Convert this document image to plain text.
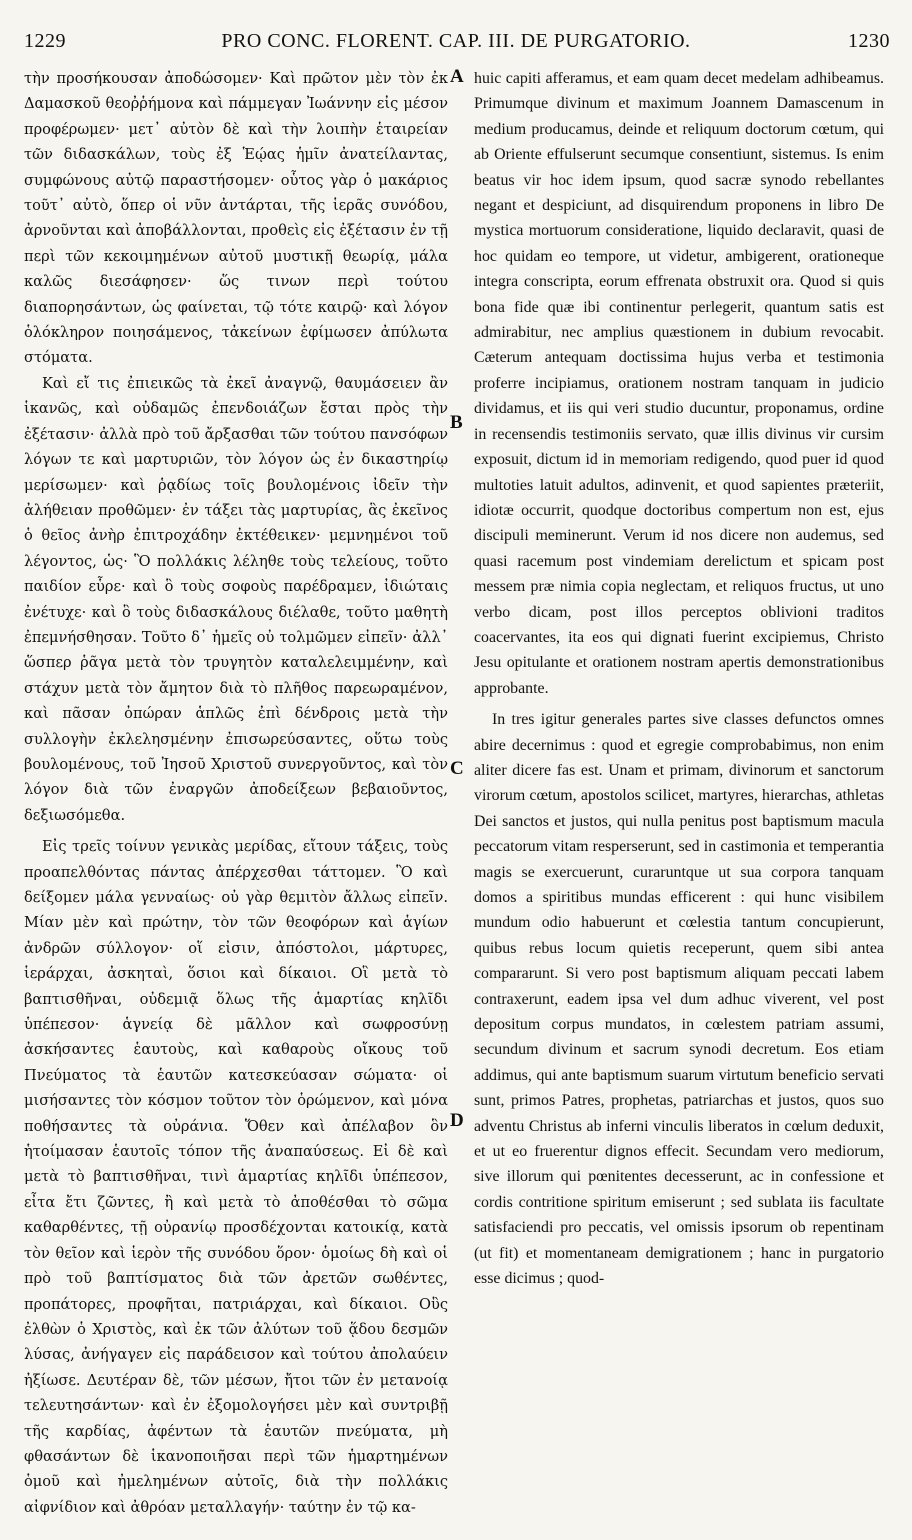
1229	PRO CONC. FLORENT. CAP. III. DE PURGATORIO.	1230

τὴν προσήκουσαν ἀποδώσομεν· Καὶ πρῶτον μὲν τὸν ἐκ Δαμασκοῦ θεοῤῥήμονα καὶ πάμμεγαν Ἰωάννην εἰς μέσον προφέρωμεν· μετ᾽ αὐτὸν δὲ καὶ τὴν λοιπὴν ἑταιρείαν τῶν διδασκάλων, τοὺς ἐξ Ἑῴας ἡμῖν ἀνατείλαντας, συμφώνους αὐτῷ παραστήσομεν· οὗτος γὰρ ὁ μακάριος τοῦτ᾽ αὐτὸ, ὅπερ οἱ νῦν ἀντάρται, τῆς ἱερᾶς συνόδου, ἀρνοῦνται καὶ ἀποβάλλονται, προθεὶς εἰς ἐξέτασιν ἐν τῇ περὶ τῶν κεκοιμημένων αὐτοῦ μυστικῇ θεωρίᾳ, μάλα καλῶς διεσάφησεν· ὥς τινων περὶ τούτου διαπορησάντων, ὡς φαίνεται, τῷ τότε καιρῷ· καὶ λόγον ὁλόκληρον ποιησάμενος, τἀκείνων ἐφίμωσεν ἀπύλωτα στόματα.

Καὶ εἴ τις ἐπιεικῶς τὰ ἐκεῖ ἀναγνῷ, θαυμάσειεν ἂν ἱκανῶς, καὶ οὐδαμῶς ἐπενδοιάζων ἔσται πρὸς τὴν ἐξέτασιν· ἀλλὰ πρὸ τοῦ ἄρξασθαι τῶν τούτου πανσόφων λόγων τε καὶ μαρτυριῶν, τὸν λόγον ὡς ἐν δικαστηρίῳ μερίσωμεν· καὶ ῥᾳδίως τοῖς βουλομένοις ἰδεῖν τὴν ἀλήθειαν προθῶμεν· ἐν τάξει τὰς μαρτυρίας, ἃς ἐκεῖνος ὁ θεῖος ἀνὴρ ἐπιτροχάδην ἐκτέθεικεν· μεμνημένοι τοῦ λέγοντος, ὡς· Ὃ πολλάκις λέληθε τοὺς τελείους, τοῦτο παιδίον εὗρε· καὶ ὃ τοὺς σοφοὺς παρέδραμεν, ἰδιώταις ἐνέτυχε· καὶ ὃ τοὺς διδασκάλους διέλαθε, τοῦτο μαθητὴ ἐπεμνήσθησαν. Τοῦτο δ᾽ ἡμεῖς οὐ τολμῶμεν εἰπεῖν· ἀλλ᾽ ὥσπερ ῥᾶγα μετὰ τὸν τρυγητὸν καταλελειμμένην, καὶ στάχυν μετὰ τὸν ἄμητον διὰ τὸ πλῆθος παρεωραμένον, καὶ πᾶσαν ὀπώραν ἁπλῶς ἐπὶ δένδροις μετὰ τὴν συλλογὴν ἐκλελησμένην ἐπισωρεύσαντες, οὕτω τοὺς βουλομένους, τοῦ Ἰησοῦ Χριστοῦ συνεργοῦντος, καὶ τὸν λόγον διὰ τῶν ἐναργῶν ἀποδείξεων βεβαιοῦντος, δεξιωσόμεθα.

Εἰς τρεῖς τοίνυν γενικὰς μερίδας, εἴτουν τάξεις, τοὺς προαπελθόντας πάντας ἀπέρχεσθαι τάττομεν. Ὃ καὶ δείξομεν μάλα γενναίως· οὐ γὰρ θεμιτὸν ἄλλως εἰπεῖν. Μίαν μὲν καὶ πρώτην, τὸν τῶν θεοφόρων καὶ ἁγίων ἀνδρῶν σύλλογον· οἵ εἰσιν, ἀπόστολοι, μάρτυρες, ἱεράρχαι, ἀσκηταὶ, ὅσιοι καὶ δίκαιοι. Οἳ μετὰ τὸ βαπτισθῆναι, οὐδεμιᾷ ὅλως τῆς ἁμαρτίας κηλῖδι ὑπέπεσον· ἁγνείᾳ δὲ μᾶλλον καὶ σωφροσύνῃ ἀσκήσαντες ἑαυτοὺς, καὶ καθαροὺς οἴκους τοῦ Πνεύματος τὰ ἑαυτῶν κατεσκεύασαν σώματα· οἱ μισήσαντες τὸν κόσμον τοῦτον τὸν ὁρώμενον, καὶ μόνα ποθήσαντες τὰ οὐράνια. Ὅθεν καὶ ἀπέλαβον ὃν ἡτοίμασαν ἑαυτοῖς τόπον τῆς ἀναπαύσεως. Εἰ δὲ καὶ μετὰ τὸ βαπτισθῆναι, τινὶ ἁμαρτίας κηλῖδι ὑπέπεσον, εἶτα ἔτι ζῶντες, ἢ καὶ μετὰ τὸ ἀποθέσθαι τὸ σῶμα καθαρθέντες, τῇ οὐρανίῳ προσδέχονται κατοικίᾳ, κατὰ τὸν θεῖον καὶ ἱερὸν τῆς συνόδου ὅρον· ὁμοίως δὴ καὶ οἱ πρὸ τοῦ βαπτίσματος διὰ τῶν ἀρετῶν σωθέντες, προπάτορες, προφῆται, πατριάρχαι, καὶ δίκαιοι. Οὓς ἐλθὼν ὁ Χριστὸς, καὶ ἐκ τῶν ἀλύτων τοῦ ᾅδου δεσμῶν λύσας, ἀνήγαγεν εἰς παράδεισον καὶ τούτου ἀπολαύειν ἠξίωσε. Δευτέραν δὲ, τῶν μέσων, ἤτοι τῶν ἐν μετανοίᾳ τελευτησάντων· καὶ ἐν ἐξομολογήσει μὲν καὶ συντριβῇ τῆς καρδίας, ἀφέντων τὰ ἑαυτῶν πνεύματα, μὴ φθασάντων δὲ ἱκανοποιῆσαι περὶ τῶν ἡμαρτημένων ὁμοῦ καὶ ἠμελημένων αὐτοῖς, διὰ τὴν πολλάκις αἰφνίδιον καὶ ἀθρόαν μεταλλαγήν· ταύτην ἐν τῷ κα-

A
B
C
D

huic capiti afferamus, et eam quam decet medelam adhibeamus. Primumque divinum et maximum Joannem Damascenum in medium producamus, deinde et reliquum doctorum cœtum, qui ab Oriente effulserunt secumque consentiunt, sistemus. Is enim beatus vir hoc idem ipsum, quod sacræ synodo rebellantes negant et despiciunt, ad disquirendum proponens in libro De mystica mortuorum consideratione, liquido declaravit, quasi de hoc quidam eo tempore, ut videtur, ambigerent, orationeque integra conscripta, eorum effrenata obstruxit ora. Quod si quis bona fide quæ ibi continentur perlegerit, quantum satis est admirabitur, nec amplius quæstionem in dubium revocabit. Cæterum antequam doctissima hujus verba et testimonia proferre incipiamus, orationem nostram tanquam in judicio dividamus, et iis qui veri studio ducuntur, proponamus, ordine in recensendis testimoniis servato, quæ illis divinus vir cursim exposuit, dictum id in memoriam redigendo, quod puer id quod multoties latuit adultos, adinvenit, et quod sapientes præteriit, idiotæ occurrit, quodque doctoribus compertum non est, ejus discipuli meminerunt. Verum id nos dicere non audemus, sed quasi racemum post vindemiam derelictum et spicam post messem præ nimia copia neglectam, et reliquos fructus, ut uno verbo dicam, post illos perceptos oblivioni traditos coacervantes, ita eos qui dignati fuerint excipiemus, Christo Jesu opitulante et orationem nostram apertis demonstrationibus approbante.

In tres igitur generales partes sive classes defunctos omnes abire decernimus : quod et egregie comprobabimus, non enim aliter dicere fas est. Unam et primam, divinorum et sanctorum virorum cœtum, apostolos scilicet, martyres, hierarchas, athletas Dei sanctos et justos, qui nulla penitus post baptismum macula peccatorum vitam resperserunt, sed in castimonia et temperantia magis se exercuerunt, curaruntque ut sua corpora tanquam domos a spiritibus mundas efficerent : qui hunc visibilem mundum odio habuerunt et cœlestia tantum concupierunt, quibus rebus locum quietis receperunt, quem sibi antea compararunt. Si vero post baptismum aliquam peccati labem contraxerunt, eadem ipsa vel dum adhuc viverent, vel post depositum corpus mundatos, in cœlestem patriam assumi, secundum divinum et sacrum synodi decretum. Eos etiam addimus, qui ante baptismum suarum virtutum beneficio servati sunt, primos Patres, prophetas, patriarchas et justos, quos suo adventu Christus ab inferni vinculis liberatos in cœlum deduxit, et ut eo fruerentur dignos effecit. Secundam vero mediorum, sive illorum qui pœnitentes decesserunt, ac in confessione et cordis contritione spiritum emiserunt ; sed sublata iis facultate satisfaciendi pro peccatis, vel omissis ipsorum ob repentinam (ut fit) et momentaneam demigrationem ; hanc in purgatorio esse dicimus ; quod-
